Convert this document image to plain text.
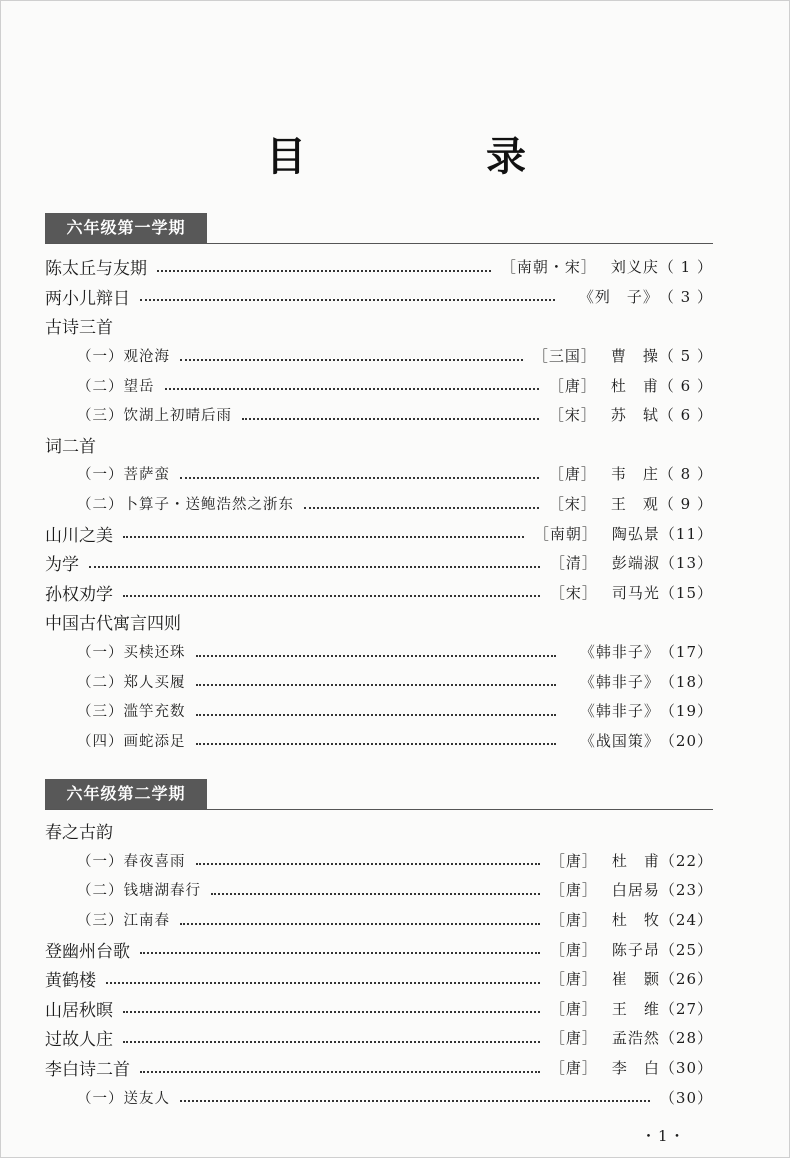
目　录
六年级第一学期
陈太丘与友期	［南朝・宋］ 刘义庆 （ 1 ）
两小儿辩日	《列　子》 （ 3 ）
古诗三首
（一）观沧海	［三国］ 曹　操 （ 5 ）
（二）望岳	［唐］ 杜　甫 （ 6 ）
（三）饮湖上初晴后雨	［宋］ 苏　轼 （ 6 ）
词二首
（一）菩萨蛮	［唐］ 韦　庄 （ 8 ）
（二）卜算子・送鲍浩然之浙东	［宋］ 王　观 （ 9 ）
山川之美	［南朝］ 陶弘景 （11）
为学	［清］ 彭端淑 （13）
孙权劝学	［宋］ 司马光 （15）
中国古代寓言四则
（一）买椟还珠	《韩非子》 （17）
（二）郑人买履	《韩非子》 （18）
（三）滥竽充数	《韩非子》 （19）
（四）画蛇添足	《战国策》 （20）
六年级第二学期
春之古韵
（一）春夜喜雨	［唐］ 杜　甫 （22）
（二）钱塘湖春行	［唐］ 白居易 （23）
（三）江南春	［唐］ 杜　牧 （24）
登幽州台歌	［唐］ 陈子昂 （25）
黄鹤楼	［唐］ 崔　颢 （26）
山居秋暝	［唐］ 王　维 （27）
过故人庄	［唐］ 孟浩然 （28）
李白诗二首	［唐］ 李　白 （30）
（一）送友人	（30）
・1・
